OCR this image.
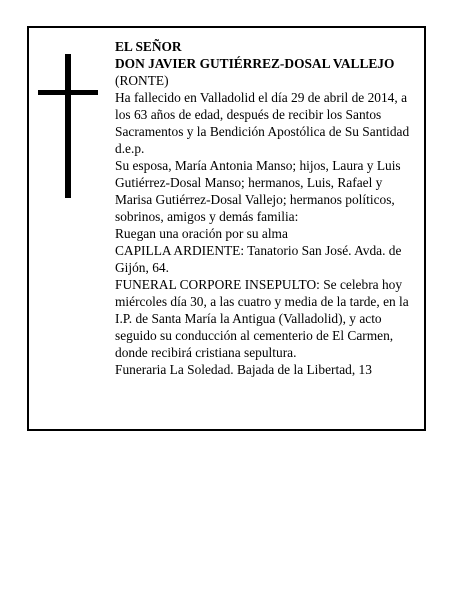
EL SEÑOR

DON JAVIER GUTIÉRREZ-DOSAL VALLEJO

(RONTE)

Ha fallecido en Valladolid el día 29 de abril de 2014, a los 63 años de edad, después de recibir los Santos Sacramentos y la Bendición Apostólica de Su Santidad

d.e.p.

Su esposa, María Antonia Manso; hijos, Laura y Luis Gutiérrez-Dosal Manso; hermanos, Luis, Rafael y Marisa Gutiérrez-Dosal Vallejo; hermanos políticos, sobrinos, amigos y demás familia:

Ruegan una oración por su alma

CAPILLA ARDIENTE: Tanatorio San José. Avda. de Gijón, 64.

FUNERAL CORPORE INSEPULTO: Se celebra hoy miércoles día 30, a las cuatro y media de la tarde, en la I.P. de Santa María la Antigua (Valladolid), y acto seguido su conducción al cementerio de El Carmen, donde recibirá cristiana sepultura.

Funeraria La Soledad. Bajada de la Libertad, 13
